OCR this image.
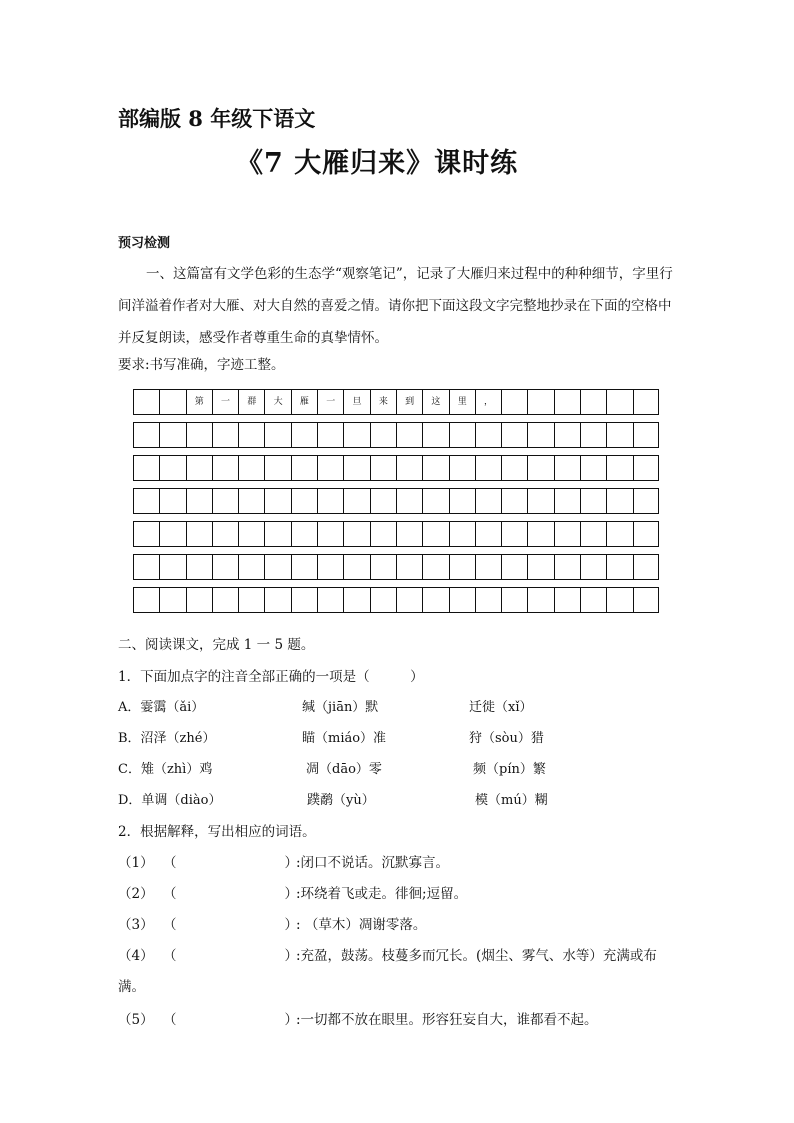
部编版 8 年级下语文
《7 大雁归来》课时练
预习检测

一、这篇富有文学色彩的生态学“观察笔记”，记录了大雁归来过程中的种种细节，字里行间洋溢着作者对大雁、对大自然的喜爱之情。请你把下面这段文字完整地抄录在下面的空格中并反复朗读，感受作者尊重生命的真挚情怀。

要求:书写准确，字迹工整。
第	一	群	大	雁	一	旦	来	到	这	里	，
二、阅读课文，完成 1 一 5 题。
1．下面加点字的注音全部正确的一项是（　　　）
A．霎霭（ǎi）	缄（jiān）默	迁徙（xǐ）
B．沼泽（zhé）	瞄（miáo）准	狩（sòu）猎
C．雉（zhì）鸡	凋（dāo）零	频（pín）繁
D．单调（diào）	蹼鹬（yù）	模（mú）糊
2．根据解释，写出相应的词语。
（1） （　　　　　　　　）
:闭口不说话。沉默寡言。
（2） （　　　　　　　　）
:环绕着飞或走。徘徊;逗留。
（3） （　　　　　　　　）
: （草木）凋谢零落。
（4） （　　　　　　　　）
:充盈，鼓荡。枝蔓多而冗长。(烟尘、雾气、水等）充满或布
满。
（5） （　　　　　　　　）
:一切都不放在眼里。形容狂妄自大，谁都看不起。
